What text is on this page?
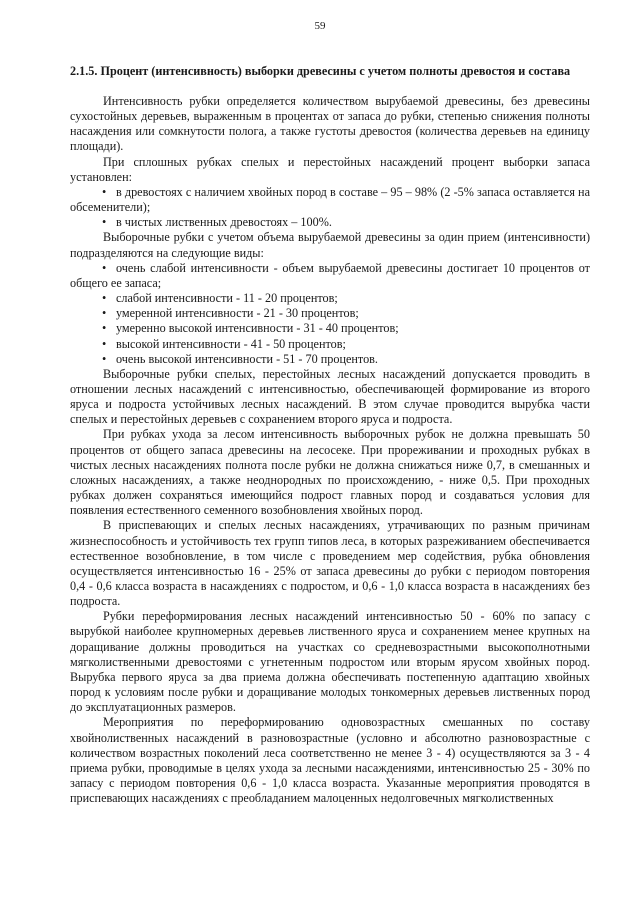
59
2.1.5. Процент (интенсивность) выборки древесины с учетом полноты древостоя и состава

Интенсивность рубки определяется количеством вырубаемой древесины, без древесины сухостойных деревьев, выраженным в процентах от запаса до рубки, степенью снижения полноты насаждения или сомкнутости полога, а также густоты древостоя (количества деревьев на единицу площади).

При сплошных рубках спелых и перестойных насаждений процент выборки запаса установлен:

• в древостоях с наличием хвойных пород в составе – 95 – 98% (2 -5% запаса оставляется на обсеменители);
• в чистых лиственных древостоях – 100%.

Выборочные рубки с учетом объема вырубаемой древесины за один прием (интенсивности) подразделяются на следующие виды:

• очень слабой интенсивности - объем вырубаемой древесины достигает 10 процентов от общего ее запаса;
• слабой интенсивности - 11 - 20 процентов;
• умеренной интенсивности - 21 - 30 процентов;
• умеренно высокой интенсивности - 31 - 40 процентов;
• высокой интенсивности - 41 - 50 процентов;
• очень высокой интенсивности - 51 - 70 процентов.

Выборочные рубки спелых, перестойных лесных насаждений допускается проводить в отношении лесных насаждений с интенсивностью, обеспечивающей формирование из второго яруса и подроста устойчивых лесных насаждений. В этом случае проводится вырубка части спелых и перестойных деревьев с сохранением второго яруса и подроста.

При рубках ухода за лесом интенсивность выборочных рубок не должна превышать 50 процентов от общего запаса древесины на лесосеке. При прореживании и проходных рубках в чистых лесных насаждениях полнота после рубки не должна снижаться ниже 0,7, в смешанных и сложных насаждениях, а также неоднородных по происхождению, - ниже 0,5. При проходных рубках должен сохраняться имеющийся подрост главных пород и создаваться условия для появления естественного семенного возобновления хвойных пород.

В приспевающих и спелых лесных насаждениях, утрачивающих по разным причинам жизнеспособность и устойчивость тех групп типов леса, в которых разреживанием обеспечивается естественное возобновление, в том числе с проведением мер содействия, рубка обновления осуществляется интенсивностью 16 - 25% от запаса древесины до рубки с периодом повторения 0,4 - 0,6 класса возраста в насаждениях с подростом, и 0,6 - 1,0 класса возраста в насаждениях без подроста.

Рубки переформирования лесных насаждений интенсивностью 50 - 60% по запасу с вырубкой наиболее крупномерных деревьев лиственного яруса и сохранением менее крупных на доращивание должны проводиться на участках со средневозрастными высокополнотными мягколиственными древостоями с угнетенным подростом или вторым ярусом хвойных пород. Вырубка первого яруса за два приема должна обеспечивать постепенную адаптацию хвойных пород к условиям после рубки и доращивание молодых тонкомерных деревьев лиственных пород до эксплуатационных размеров.

Мероприятия по переформированию одновозрастных смешанных по составу хвойнолиственных насаждений в разновозрастные (условно и абсолютно разновозрастные с количеством возрастных поколений леса соответственно не менее 3 - 4) осуществляются за 3 - 4 приема рубки, проводимые в целях ухода за лесными насаждениями, интенсивностью 25 - 30% по запасу с периодом повторения 0,6 - 1,0 класса возраста. Указанные мероприятия проводятся в приспевающих насаждениях с преобладанием малоценных недолговечных мягколиственных
